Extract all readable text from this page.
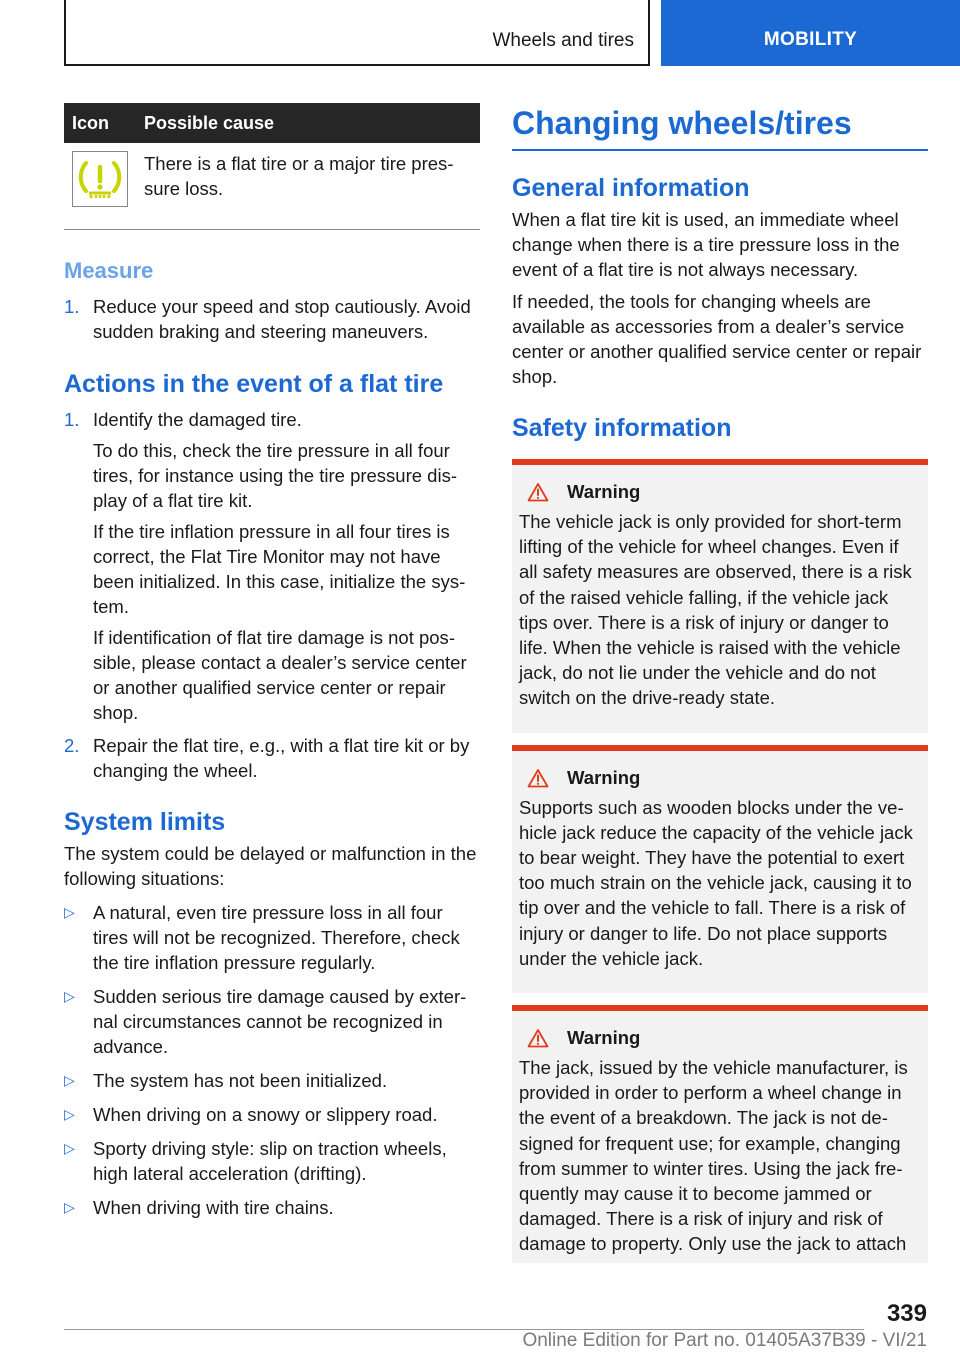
Wheels and tires	MOBILITY
Icon	Possible cause

	There is a flat tire or a major tire pressure loss.
Measure
1. Reduce your speed and stop cautiously. Avoid sudden braking and steering maneuvers.
Actions in the event of a flat tire
1. Identify the damaged tire.

To do this, check the tire pressure in all four tires, for instance using the tire pressure display of a flat tire kit.

If the tire inflation pressure in all four tires is correct, the Flat Tire Monitor may not have been initialized. In this case, initialize the system.

If identification of flat tire damage is not possible, please contact a dealer’s service center or another qualified service center or repair shop.

2. Repair the flat tire, e.g., with a flat tire kit or by changing the wheel.
System limits

The system could be delayed or malfunction in the following situations:

▷ A natural, even tire pressure loss in all four tires will not be recognized. Therefore, check the tire inflation pressure regularly.
▷ Sudden serious tire damage caused by external circumstances cannot be recognized in advance.
▷ The system has not been initialized.
▷ When driving on a snowy or slippery road.
▷ Sporty driving style: slip on traction wheels, high lateral acceleration (drifting).
▷ When driving with tire chains.
Changing wheels/tires
General information

When a flat tire kit is used, an immediate wheel change when there is a tire pressure loss in the event of a flat tire is not always necessary.

If needed, the tools for changing wheels are available as accessories from a dealer’s service center or another qualified service center or repair shop.

Safety information
Warning

The vehicle jack is only provided for short-term lifting of the vehicle for wheel changes. Even if all safety measures are observed, there is a risk of the raised vehicle falling, if the vehicle jack tips over. There is a risk of injury or danger to life. When the vehicle is raised with the vehicle jack, do not lie under the vehicle and do not switch on the drive-ready state.

Warning

Supports such as wooden blocks under the vehicle jack reduce the capacity of the vehicle jack to bear weight. They have the potential to exert too much strain on the vehicle jack, causing it to tip over and the vehicle to fall. There is a risk of injury or danger to life. Do not place supports under the vehicle jack.

Warning

The jack, issued by the vehicle manufacturer, is provided in order to perform a wheel change in the event of a breakdown. The jack is not designed for frequent use; for example, changing from summer to winter tires. Using the jack frequently may cause it to become jammed or damaged. There is a risk of injury and risk of damage to property. Only use the jack to attach

339
Online Edition for Part no. 01405A37B39 - VI/21
